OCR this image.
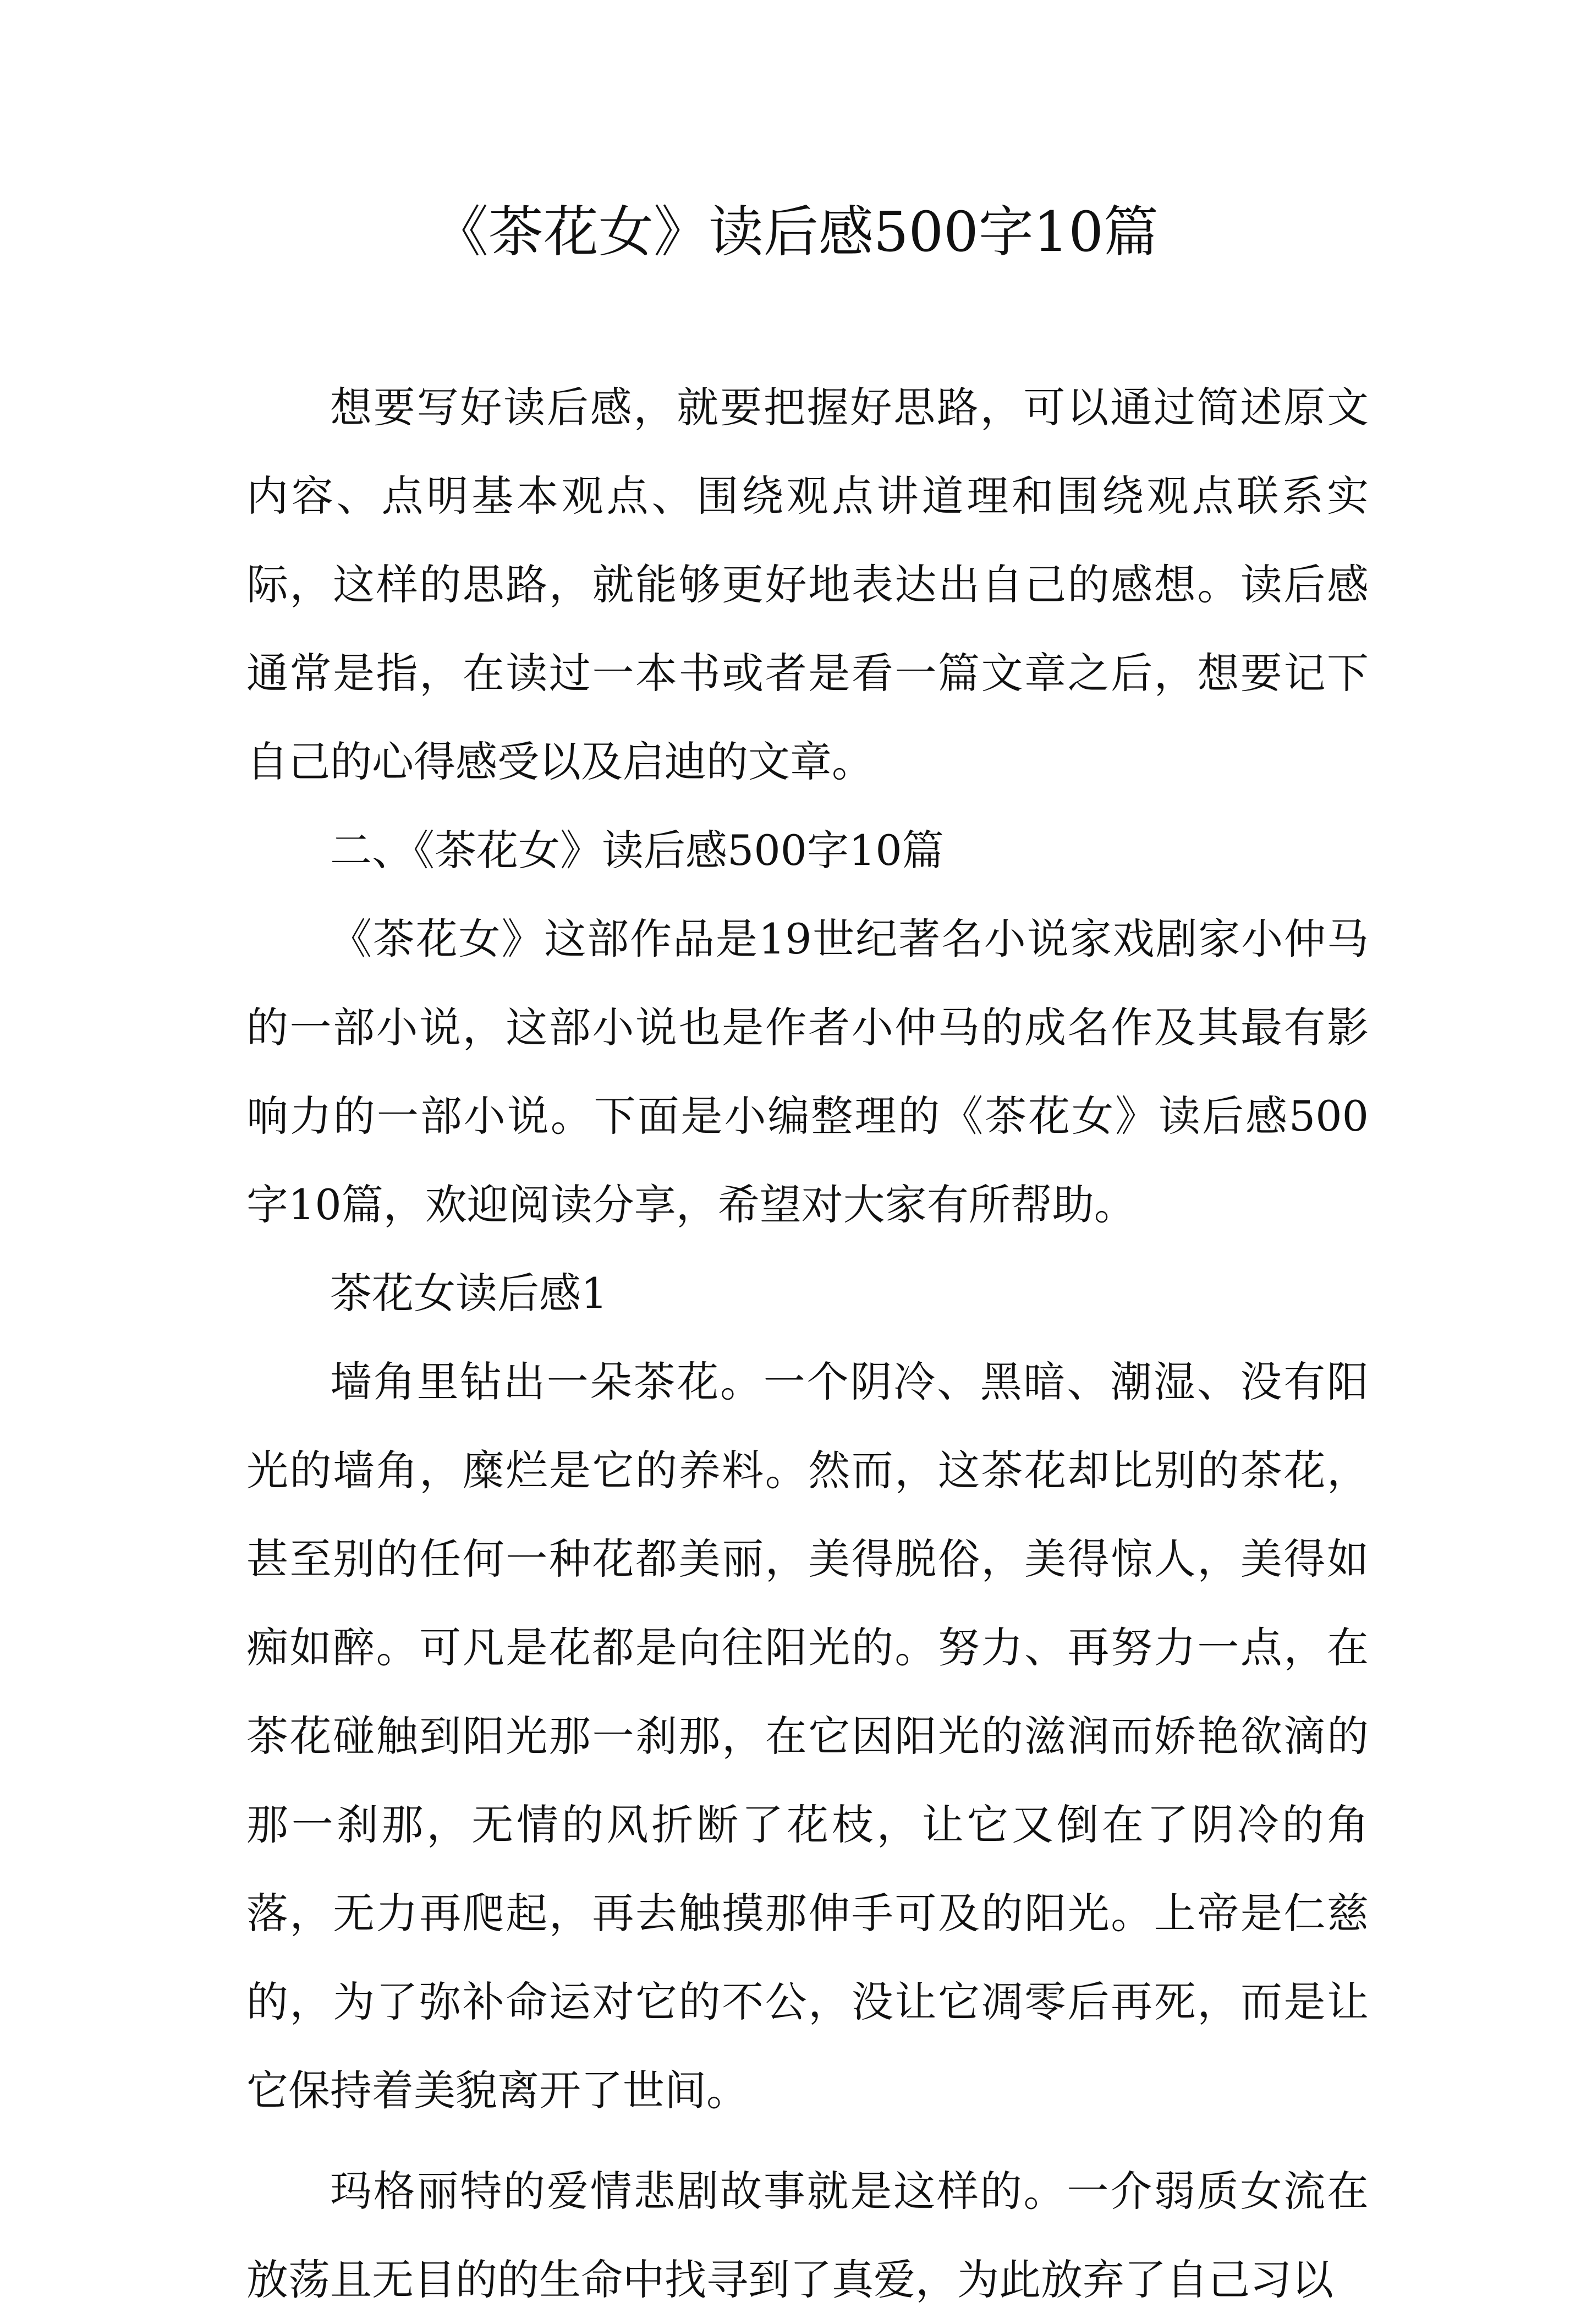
《茶花女》读后感500字10篇

想要写好读后感，就要把握好思路，可以通过简述原文内容、点明基本观点、围绕观点讲道理和围绕观点联系实际，这样的思路，就能够更好地表达出自己的感想。读后感通常是指，在读过一本书或者是看一篇文章之后，想要记下自己的心得感受以及启迪的文章。

二、《茶花女》读后感500字10篇

《茶花女》这部作品是19世纪著名小说家戏剧家小仲马的一部小说，这部小说也是作者小仲马的成名作及其最有影响力的一部小说。下面是小编整理的《茶花女》读后感500字10篇，欢迎阅读分享，希望对大家有所帮助。

茶花女读后感1

墙角里钻出一朵茶花。一个阴冷、黑暗、潮湿、没有阳光的墙角，糜烂是它的养料。然而，这茶花却比别的茶花，甚至别的任何一种花都美丽，美得脱俗，美得惊人，美得如痴如醉。可凡是花都是向往阳光的。努力、再努力一点，在茶花碰触到阳光那一刹那，在它因阳光的滋润而娇艳欲滴的那一刹那，无情的风折断了花枝，让它又倒在了阴冷的角落，无力再爬起，再去触摸那伸手可及的阳光。上帝是仁慈的，为了弥补命运对它的不公，没让它凋零后再死，而是让它保持着美貌离开了世间。

玛格丽特的爱情悲剧故事就是这样的。一介弱质女流在放荡且无目的的生命中找寻到了真爱，为此放弃了自己习以
